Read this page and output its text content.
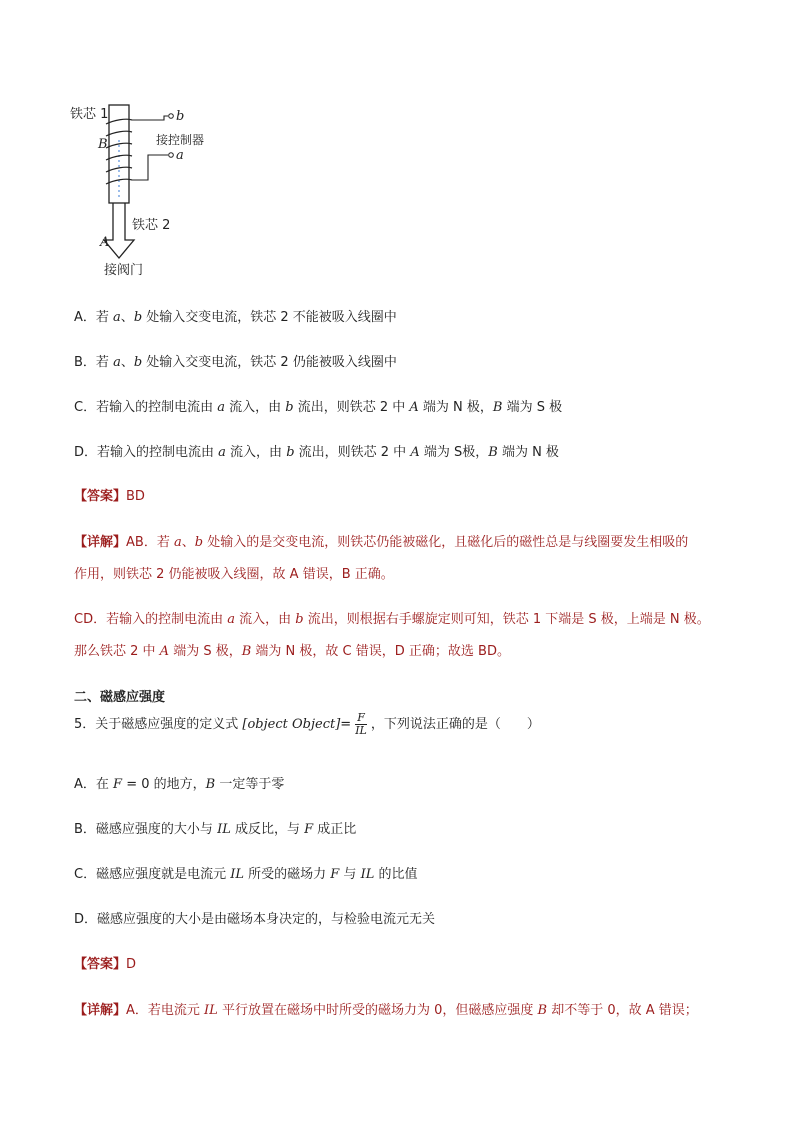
铁芯 1
B
b
接控制器
a
铁芯 2
A
接阀门
A．若 a、b 处输入交变电流，铁芯 2 不能被吸入线圈中
B．若 a、b 处输入交变电流，铁芯 2 仍能被吸入线圈中
C．若输入的控制电流由 a 流入，由 b 流出，则铁芯 2 中 A 端为 N 极，B 端为 S 极
D．若输入的控制电流由 a 流入，由 b 流出，则铁芯 2 中 A 端为 S极，B 端为 N 极
【答案】BD
【详解】AB．若 a、b 处输入的是交变电流，则铁芯仍能被磁化，且磁化后的磁性总是与线圈要发生相吸的
作用，则铁芯 2 仍能被吸入线圈，故 A 错误，B 正确。
CD．若输入的控制电流由 a 流入，由 b 流出，则根据右手螺旋定则可知，铁芯 1 下端是 S 极，上端是 N 极。
那么铁芯 2 中 A 端为 S 极，B 端为 N 极，故 C 错误，D 正确；故选 BD。
二、磁感应强度
5．关于磁感应强度的定义式 [object Object]= $\frac{F}{IL}$ ，下列说法正确的是（　　）
A．在 F = 0 的地方，B 一定等于零
B．磁感应强度的大小与 IL 成反比，与 F 成正比
C．磁感应强度就是电流元 IL 所受的磁场力 F 与 IL 的比值
D．磁感应强度的大小是由磁场本身决定的，与检验电流元无关
【答案】D
【详解】A．若电流元 IL 平行放置在磁场中时所受的磁场力为 0，但磁感应强度 B 却不等于 0，故 A 错误；
